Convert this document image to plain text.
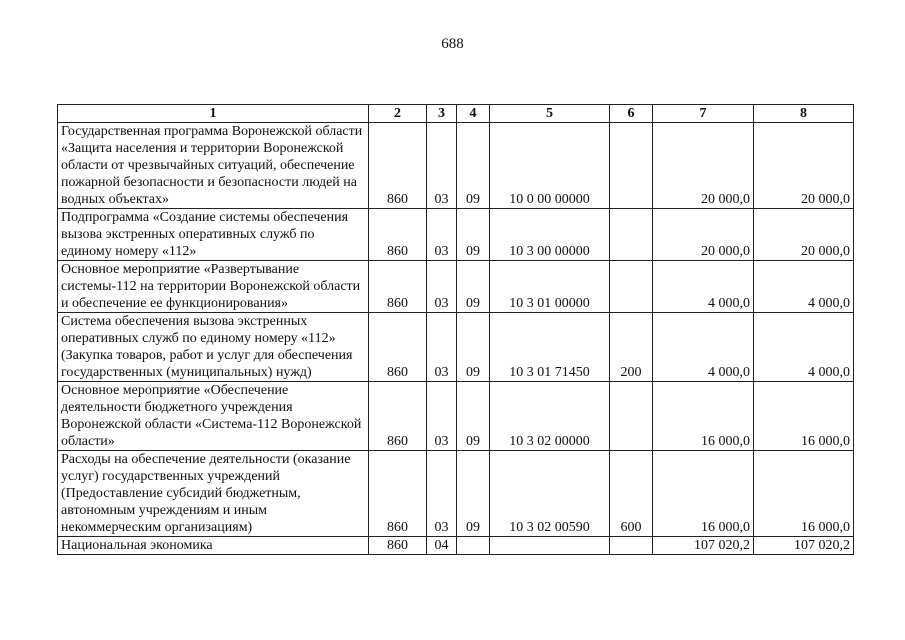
688
1	2	3	4	5	6	7	8
Государственная программа Воронежской области «Защита населения и территории Воронежской области от чрезвычайных ситуаций, обеспечение пожарной безопасности и безопасности людей на водных объектах»	860	03	09	10 0 00 00000		20 000,0	20 000,0
Подпрограмма «Создание системы обеспечения вызова экстренных оперативных служб по единому номеру «112»	860	03	09	10 3 00 00000		20 000,0	20 000,0
Основное мероприятие «Развертывание системы-112 на территории Воронежской области и обеспечение ее функционирования»	860	03	09	10 3 01 00000		4 000,0	4 000,0
Система обеспечения вызова экстренных оперативных служб по единому номеру «112» (Закупка товаров, работ и услуг для обеспечения государственных (муниципальных) нужд)	860	03	09	10 3 01 71450	200	4 000,0	4 000,0
Основное мероприятие «Обеспечение деятельности бюджетного учреждения Воронежской области «Система-112 Воронежской области»	860	03	09	10 3 02 00000		16 000,0	16 000,0
Расходы на обеспечение деятельности (оказание услуг) государственных учреждений (Предоставление субсидий бюджетным, автономным учреждениям и иным некоммерческим организациям)	860	03	09	10 3 02 00590	600	16 000,0	16 000,0
Национальная экономика	860	04				107 020,2	107 020,2
